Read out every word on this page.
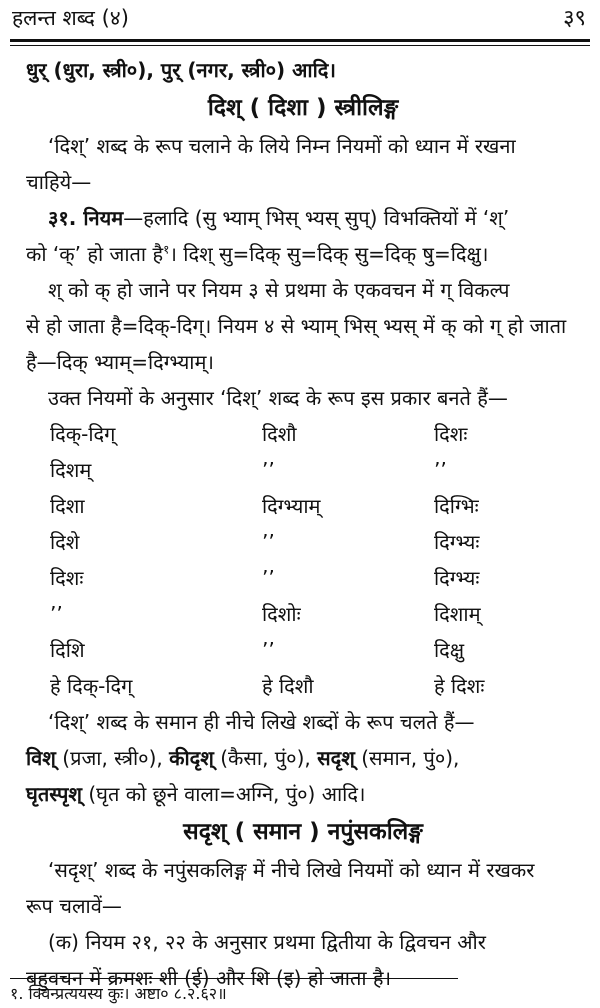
हलन्त शब्द (४)	३९
धुर् (धुरा, स्त्री०), पुर् (नगर, स्त्री०) आदि।
दिश् ( दिशा ) स्त्रीलिङ्ग
‘दिश्’ शब्द के रूप चलाने के लिये निम्न नियमों को ध्यान में रखना
चाहिये—
३१. नियम—हलादि (सु भ्याम् भिस् भ्यस् सुप्) विभक्तियों में ‘श्’
को ‘क्’ हो जाता है$^१$। दिश् सु=दिक् सु=दिक् सु=दिक् षु=दिक्षु।
श् को क् हो जाने पर नियम ३ से प्रथमा के एकवचन में ग् विकल्प
से हो जाता है=दिक्-दिग्। नियम ४ से भ्याम् भिस् भ्यस् में क् को ग् हो जाता
है—दिक् भ्याम्=दिग्भ्याम्।
उक्त नियमों के अनुसार ‘दिश्’ शब्द के रूप इस प्रकार बनते हैं—
दिक्-दिग्	दिशौ	दिशः
दिशम्	’’	’’
दिशा	दिग्भ्याम्	दिग्भिः
दिशे	’’	दिग्भ्यः
दिशः	’’	दिग्भ्यः
’’	दिशोः	दिशाम्
दिशि	’’	दिक्षु
हे दिक्-दिग्	हे दिशौ	हे दिशः
‘दिश्’ शब्द के समान ही नीचे लिखे शब्दों के रूप चलते हैं—
विश् (प्रजा, स्त्री०), कीदृश् (कैसा, पुं०), सदृश् (समान, पुं०),
घृतस्पृश् (घृत को छूने वाला=अग्नि, पुं०) आदि।
सदृश् ( समान ) नपुंसकलिङ्ग
‘सदृश्’ शब्द के नपुंसकलिङ्ग में नीचे लिखे नियमों को ध्यान में रखकर
रूप चलावें—
(क) नियम २१, २२ के अनुसार प्रथमा द्वितीया के द्विवचन और
बहुवचन में क्रमशः शी (ई) और शि (इ) हो जाता है।
१. क्विन्प्रत्ययस्य कुः। अष्टा० ८.२.६२॥
